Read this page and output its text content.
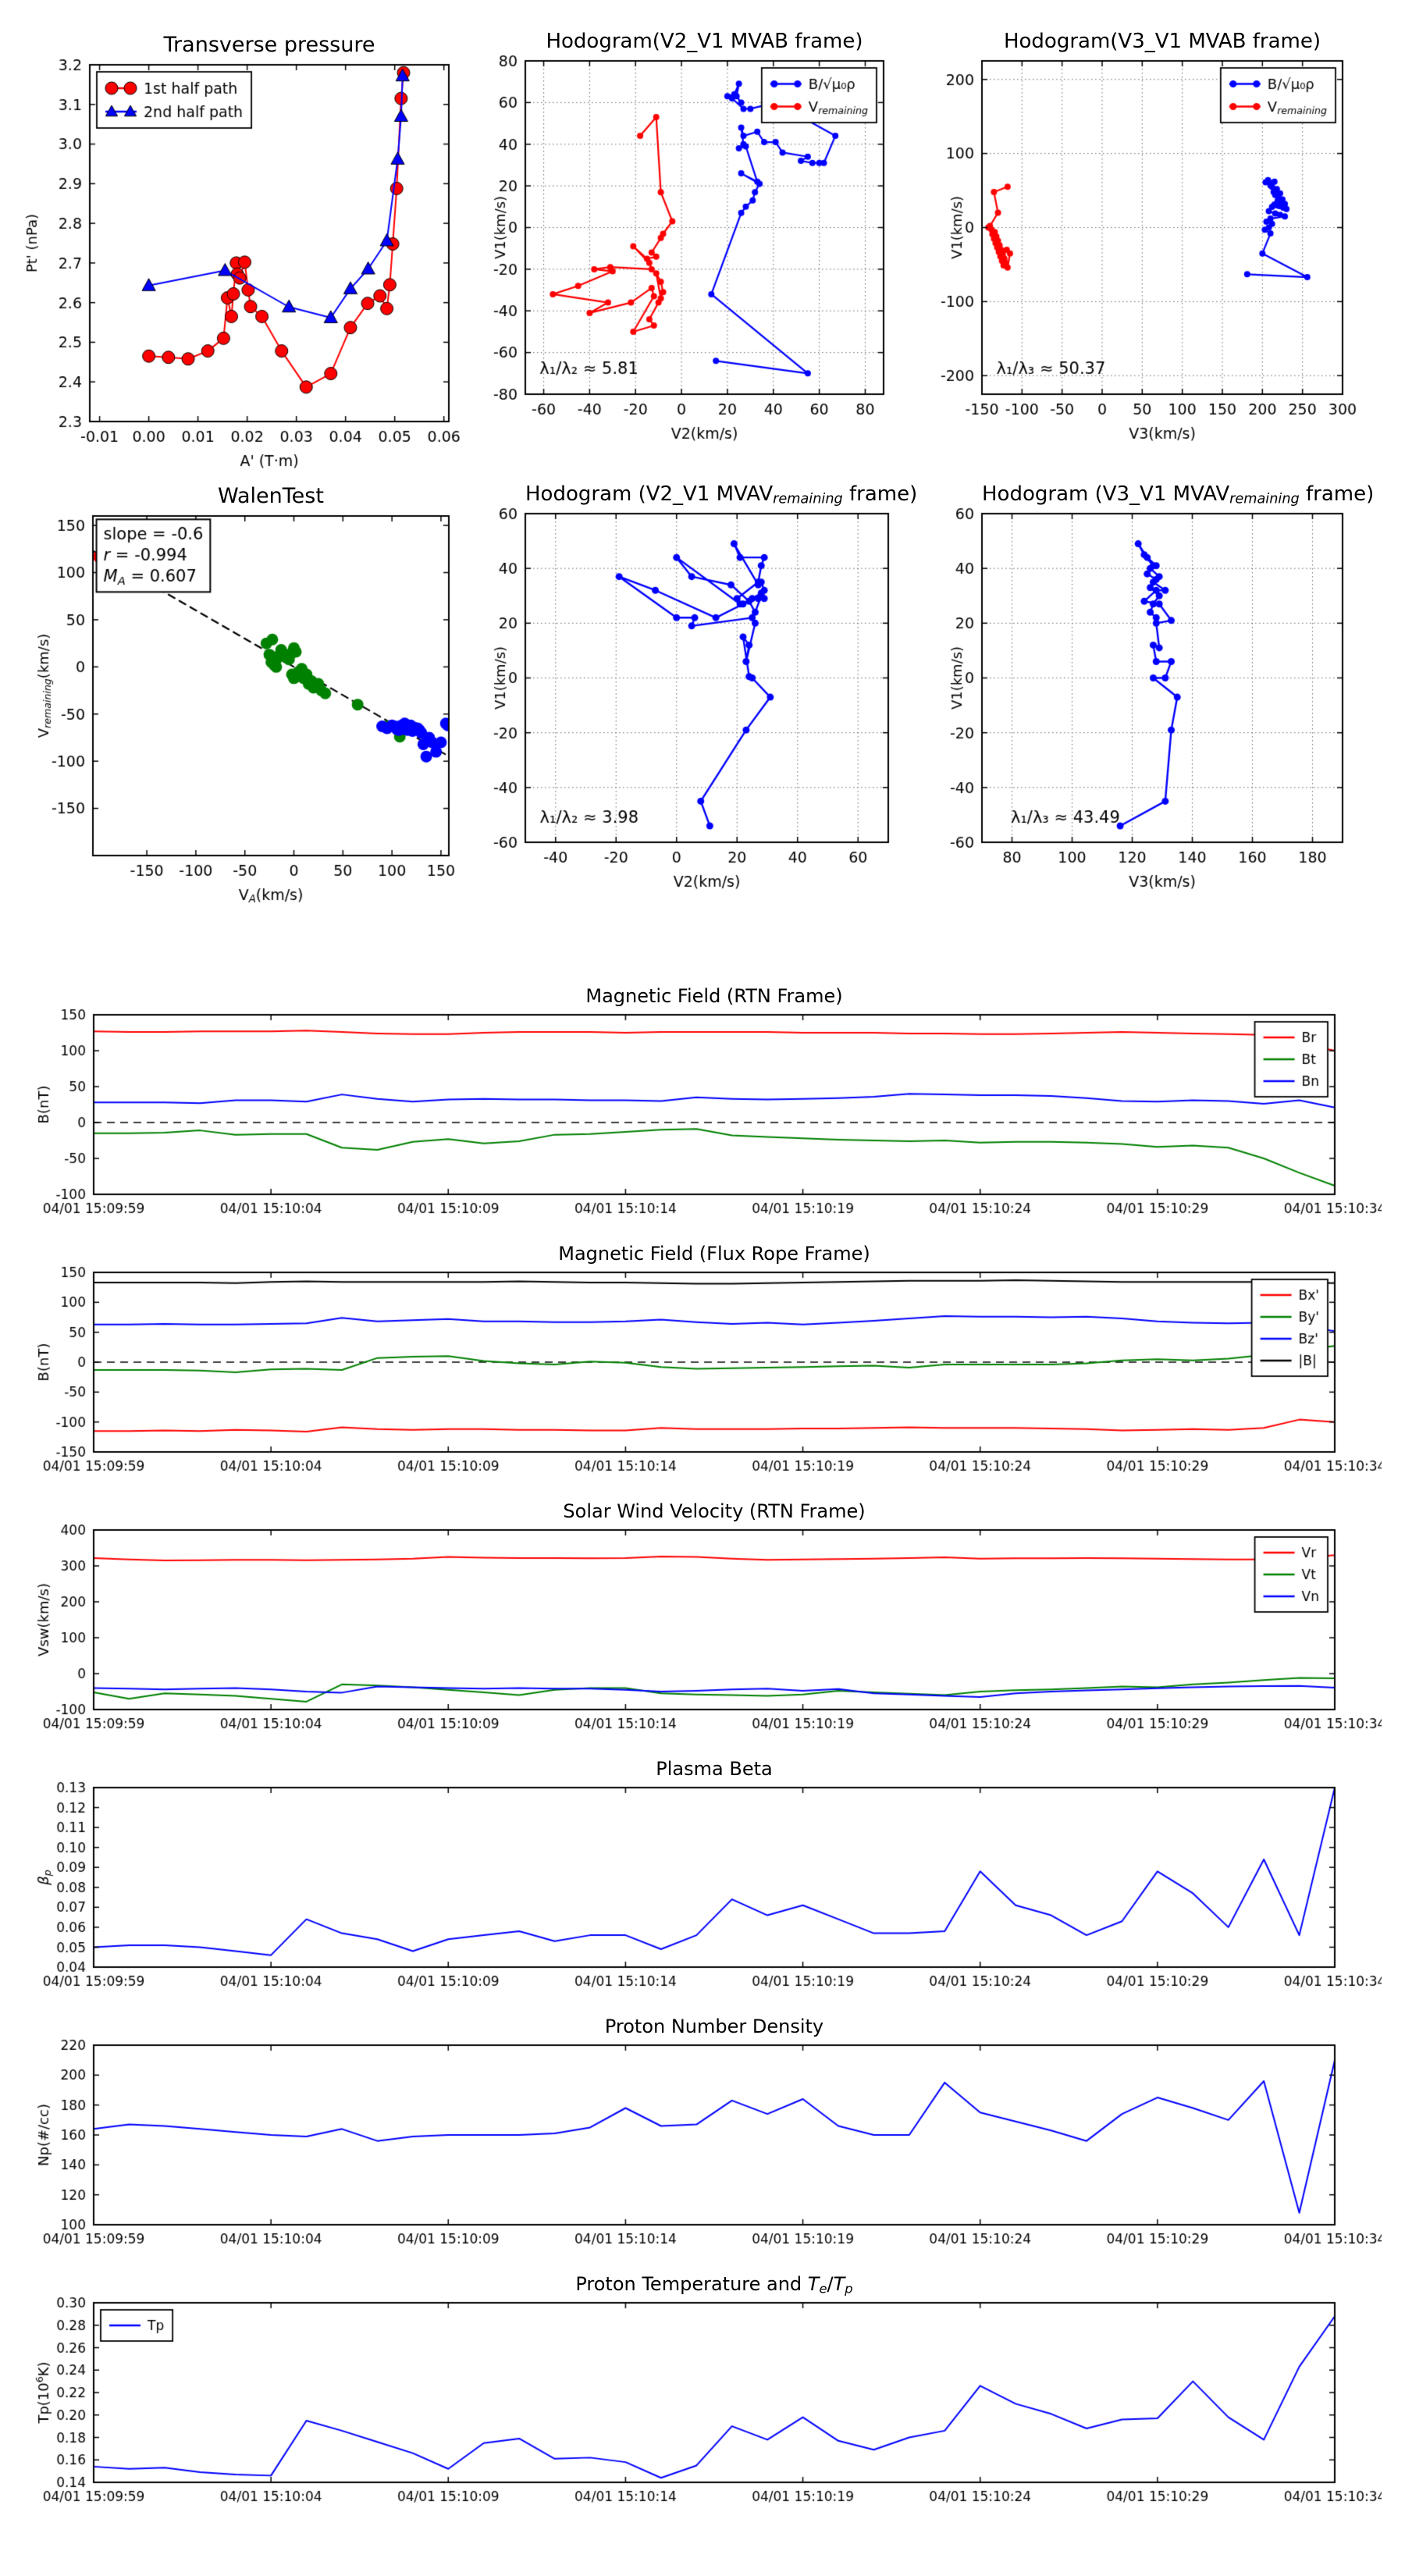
Transverse pressure	Hodogram(V2_V1 MVAB frame)	Hodogram(V3_V1 MVAB frame)
WalenTest	Hodogram (V2_V1 MVAVremaining frame)	Hodogram (V3_V1 MVAVremaining frame)
Magnetic Field (RTN Frame)
Magnetic Field (Flux Rope Frame)
Solar Wind Velocity (RTN Frame)
Plasma Beta
Proton Number Density
Proton Temperature and Te/Tp
